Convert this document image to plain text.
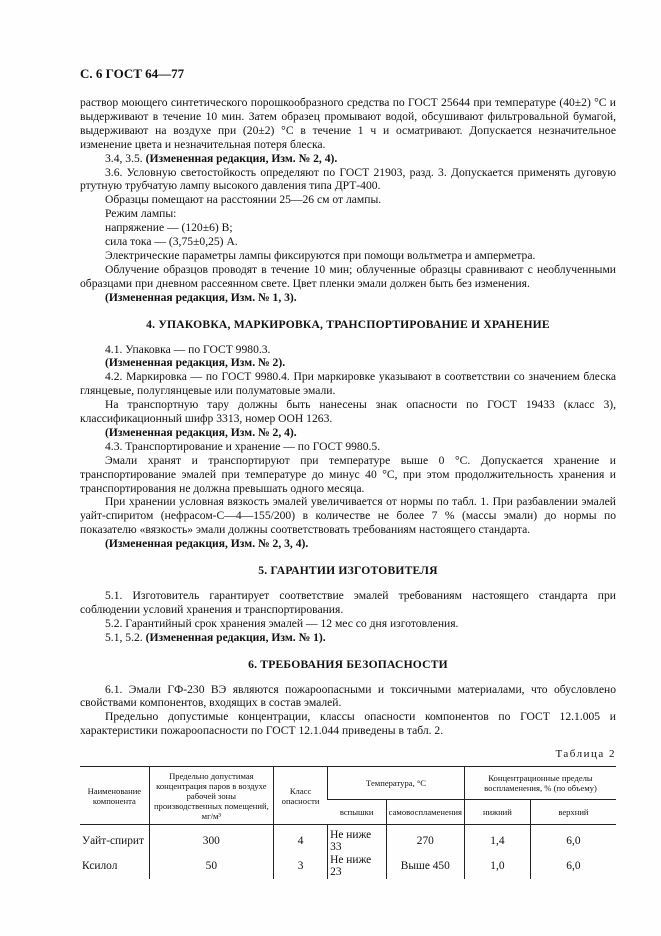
С. 6 ГОСТ 64—77
раствор моющего синтетического порошкообразного средства по ГОСТ 25644 при температуре (40±2) °С и выдерживают в течение 10 мин. Затем образец промывают водой, обсушивают фильтровальной бумагой, выдерживают на воздухе при (20±2) °С в течение 1 ч и осматривают. Допускается незначительное изменение цвета и незначительная потеря блеска.
3.4, 3.5. (Измененная редакция, Изм. № 2, 4).
3.6. Условную светостойкость определяют по ГОСТ 21903, разд. 3. Допускается применять дуговую ртутную трубчатую лампу высокого давления типа ДРТ-400.
Образцы помещают на расстоянии 25—26 см от лампы.
Режим лампы:
напряжение — (120±6) В;
сила тока — (3,75±0,25) А.
Электрические параметры лампы фиксируются при помощи вольтметра и амперметра.
Облучение образцов проводят в течение 10 мин; облученные образцы сравнивают с необлученными образцами при дневном рассеянном свете. Цвет пленки эмали должен быть без изменения.
(Измененная редакция, Изм. № 1, 3).
4. УПАКОВКА, МАРКИРОВКА, ТРАНСПОРТИРОВАНИЕ И ХРАНЕНИЕ
4.1. Упаковка — по ГОСТ 9980.3.
(Измененная редакция, Изм. № 2).
4.2. Маркировка — по ГОСТ 9980.4. При маркировке указывают в соответствии со значением блеска глянцевые, полуглянцевые или полуматовые эмали.
На транспортную тару должны быть нанесены знак опасности по ГОСТ 19433 (класс 3), классификационный шифр 3313, номер ООН 1263.
(Измененная редакция, Изм. № 2, 4).
4.3. Транспортирование и хранение — по ГОСТ 9980.5.
Эмали хранят и транспортируют при температуре выше 0 °С. Допускается хранение и транспортирование эмалей при температуре до минус 40 °С, при этом продолжительность хранения и транспортирования не должна превышать одного месяца.
При хранении условная вязкость эмалей увеличивается от нормы по табл. 1. При разбавлении эмалей уайт-спиритом (нефрасом-С—4—155/200) в количестве не более 7 % (массы эмали) до нормы по показателю «вязкость» эмали должны соответствовать требованиям настоящего стандарта.
(Измененная редакция, Изм. № 2, 3, 4).
5. ГАРАНТИИ ИЗГОТОВИТЕЛЯ
5.1. Изготовитель гарантирует соответствие эмалей требованиям настоящего стандарта при соблюдении условий хранения и транспортирования.
5.2. Гарантийный срок хранения эмалей — 12 мес со дня изготовления.
5.1, 5.2. (Измененная редакция, Изм. № 1).
6. ТРЕБОВАНИЯ БЕЗОПАСНОСТИ
6.1. Эмали ГФ-230 ВЭ являются пожароопасными и токсичными материалами, что обусловлено свойствами компонентов, входящих в состав эмалей.
Предельно допустимые концентрации, классы опасности компонентов по ГОСТ 12.1.005 и характеристики пожароопасности по ГОСТ 12.1.044 приведены в табл. 2.
Таблица 2
Наименование компонента	Предельно допустимая концентрация паров в воздухе рабочей зоны производственных помещений, мг/м³	Класс опасности	Температура, °С		Концентрационные пределы воспламенения, % (по объему)	
			вспышки	самовоспламенения	нижний	верхний
Уайт-спирит	300	4	Не ниже 33	270	1,4	6,0
Ксилол	50	3	Не ниже 23	Выше 450	1,0	6,0
